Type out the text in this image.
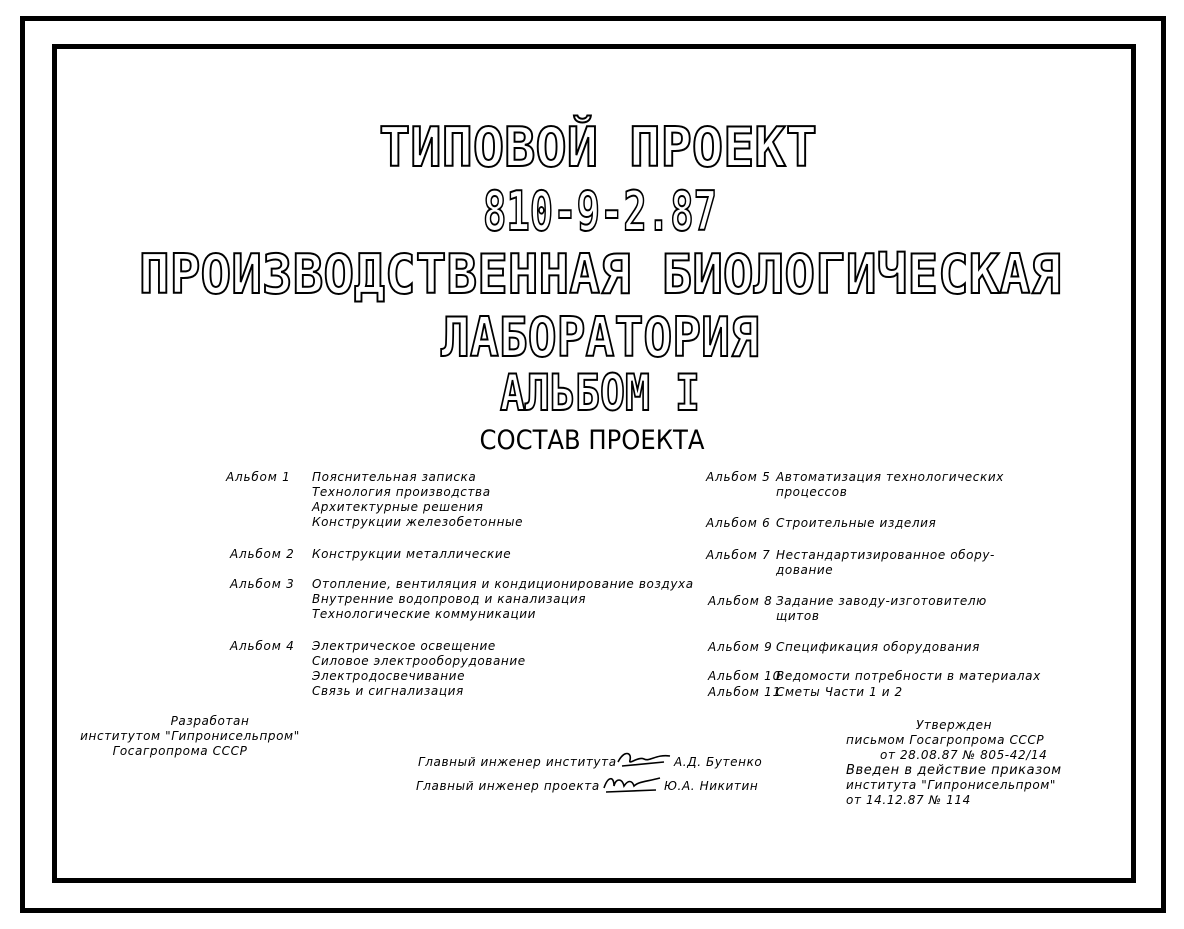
ТИПОВОЙ ПРОЕКТ
810-9-2.87
ПРОИЗВОДСТВЕННАЯ БИОЛОГИЧЕСКАЯ
ЛАБОРАТОРИЯ
АЛЬБОМ I
СОСТАВ ПРОЕКТА
Альбом 1 Пояснительная записка
Технология производства
Архитектурные решения
Конструкции железобетонные
Альбом 2 Конструкции металлические
Альбом 3 Отопление, вентиляция и кондиционирование воздуха
Внутренние водопровод и канализация
Технологические коммуникации
Альбом 4 Электрическое освещение
Силовое электрооборудование
Электродосвечивание
Связь и сигнализация
Альбом 5 Автоматизация технологических
процессов
Альбом 6 Строительные изделия
Альбом 7 Нестандартизированное обору-
дование
Альбом 8 Задание заводу-изготовителю
щитов
Альбом 9 Спецификация оборудования
Альбом 10
Ведомости потребности в материалах
Альбом 11
Сметы Части 1 и 2
Разработан
институтом "Гипронисельпром"
Госагропрома СССР
Главный инженер института	А.Д. Бутенко
Главный инженер проекта	Ю.А. Никитин
Утвержден
письмом Госагропрома СССР
от 28.08.87 № 805-42/14
Введен в действие приказом
института "Гипронисельпром"
от 14.12.87 № 114
